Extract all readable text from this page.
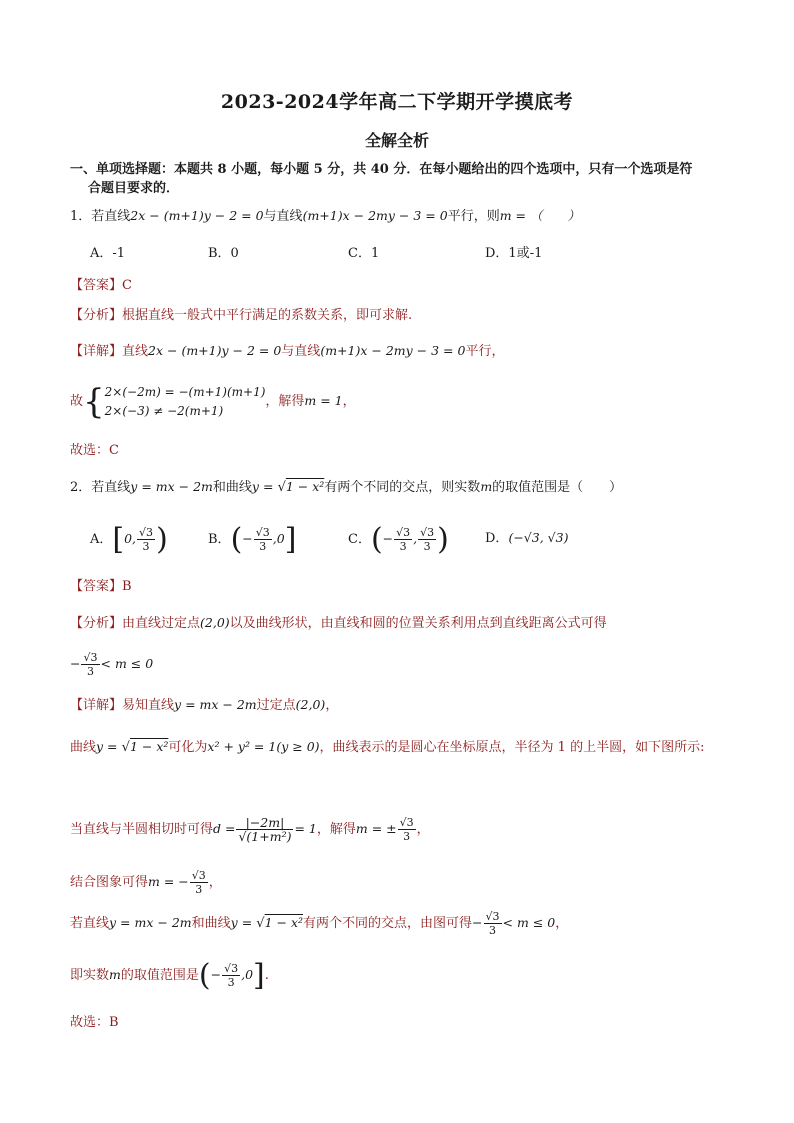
2023-2024学年高二下学期开学摸底考
全解全析
一、单项选择题：本题共 8 小题，每小题 5 分，共 40 分．在每小题给出的四个选项中，只有一个选项是符
合题目要求的．
1．若直线2x − (m+1)y − 2 = 0与直线(m+1)x − 2my − 3 = 0平行，则m = （　　）
A．-1	B．0	C．1	D．1或-1
【答案】C
【分析】根据直线一般式中平行满足的系数关系，即可求解.
【详解】直线2x − (m+1)y − 2 = 0与直线(m+1)x − 2my − 3 = 0平行，
故{ 2×(−2m) = −(m+1)(m+1)
2×(−3) ≠ −2(m+1)
，解得m = 1，
故选：C
2．若直线y = mx − 2m和曲线y = √1 − x²有两个不同的交点，则实数m的取值范围是（　　）
A．[0, $\frac{√3}{3}$ )	B．(− $\frac{√3}{3} ,0$]	C．(− $\frac{√3}{3}$ , $\frac{√3}{3}$ )	D．(−√3, √3)
【答案】B
【分析】由直线过定点(2,0)以及曲线形状，由直线和圆的位置关系利用点到直线距离公式可得
− $\frac{√3}{3} < m \le 0$
【详解】易知直线y = mx − 2m过定点(2,0)，
曲线y = √1 − x²可化为x² + y² = 1(y ≥ 0)，曲线表示的是圆心在坐标原点，半径为 1 的上半圆，如下图所示:
当直线与半圆相切时可得$d = \frac{|-2m|}{\text{√(1+m²)}} = 1$，解得m = ± $\frac{√3}{3}$ ，
结合图象可得m = − $\frac{√3}{3}$ ，
若直线y = mx − 2m和曲线y = √1 − x²有两个不同的交点，由图可得− $\frac{√3}{3} < m \le 0$，
即实数m的取值范围是(− $\frac{√3}{3} ,0$].
故选：B
